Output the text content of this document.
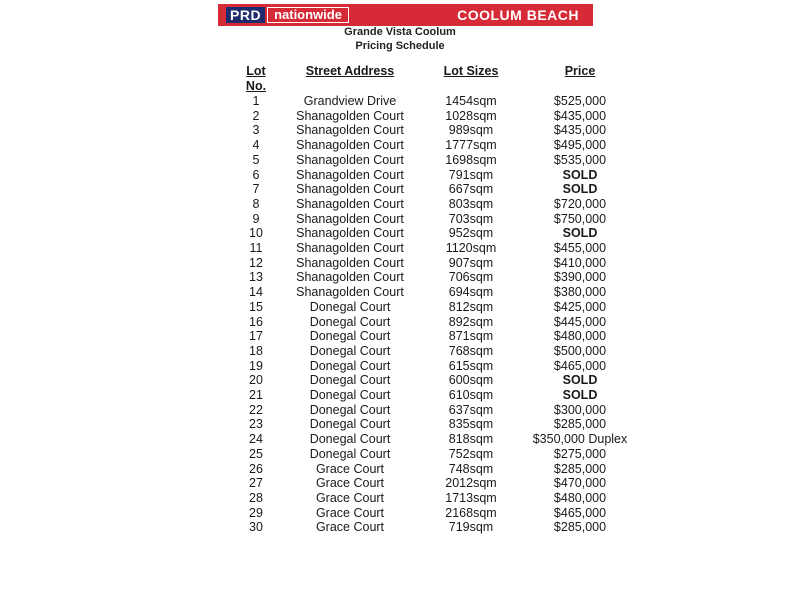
PRD	nationwide	COOLUM BEACH
Grande Vista Coolum
Pricing Schedule
Lot
No.	Street Address	Lot Sizes	Price
1	Grandview Drive	1454sqm	$525,000
2	Shanagolden Court	1028sqm	$435,000
3	Shanagolden Court	989sqm	$435,000
4	Shanagolden Court	1777sqm	$495,000
5	Shanagolden Court	1698sqm	$535,000
6	Shanagolden Court	791sqm	SOLD
7	Shanagolden Court	667sqm	SOLD
8	Shanagolden Court	803sqm	$720,000
9	Shanagolden Court	703sqm	$750,000
10	Shanagolden Court	952sqm	SOLD
11	Shanagolden Court	1120sqm	$455,000
12	Shanagolden Court	907sqm	$410,000
13	Shanagolden Court	706sqm	$390,000
14	Shanagolden Court	694sqm	$380,000
15	Donegal Court	812sqm	$425,000
16	Donegal Court	892sqm	$445,000
17	Donegal Court	871sqm	$480,000
18	Donegal Court	768sqm	$500,000
19	Donegal Court	615sqm	$465,000
20	Donegal Court	600sqm	SOLD
21	Donegal Court	610sqm	SOLD
22	Donegal Court	637sqm	$300,000
23	Donegal Court	835sqm	$285,000
24	Donegal Court	818sqm	$350,000 Duplex
25	Donegal Court	752sqm	$275,000
26	Grace Court	748sqm	$285,000
27	Grace Court	2012sqm	$470,000
28	Grace Court	1713sqm	$480,000
29	Grace Court	2168sqm	$465,000
30	Grace Court	719sqm	$285,000
